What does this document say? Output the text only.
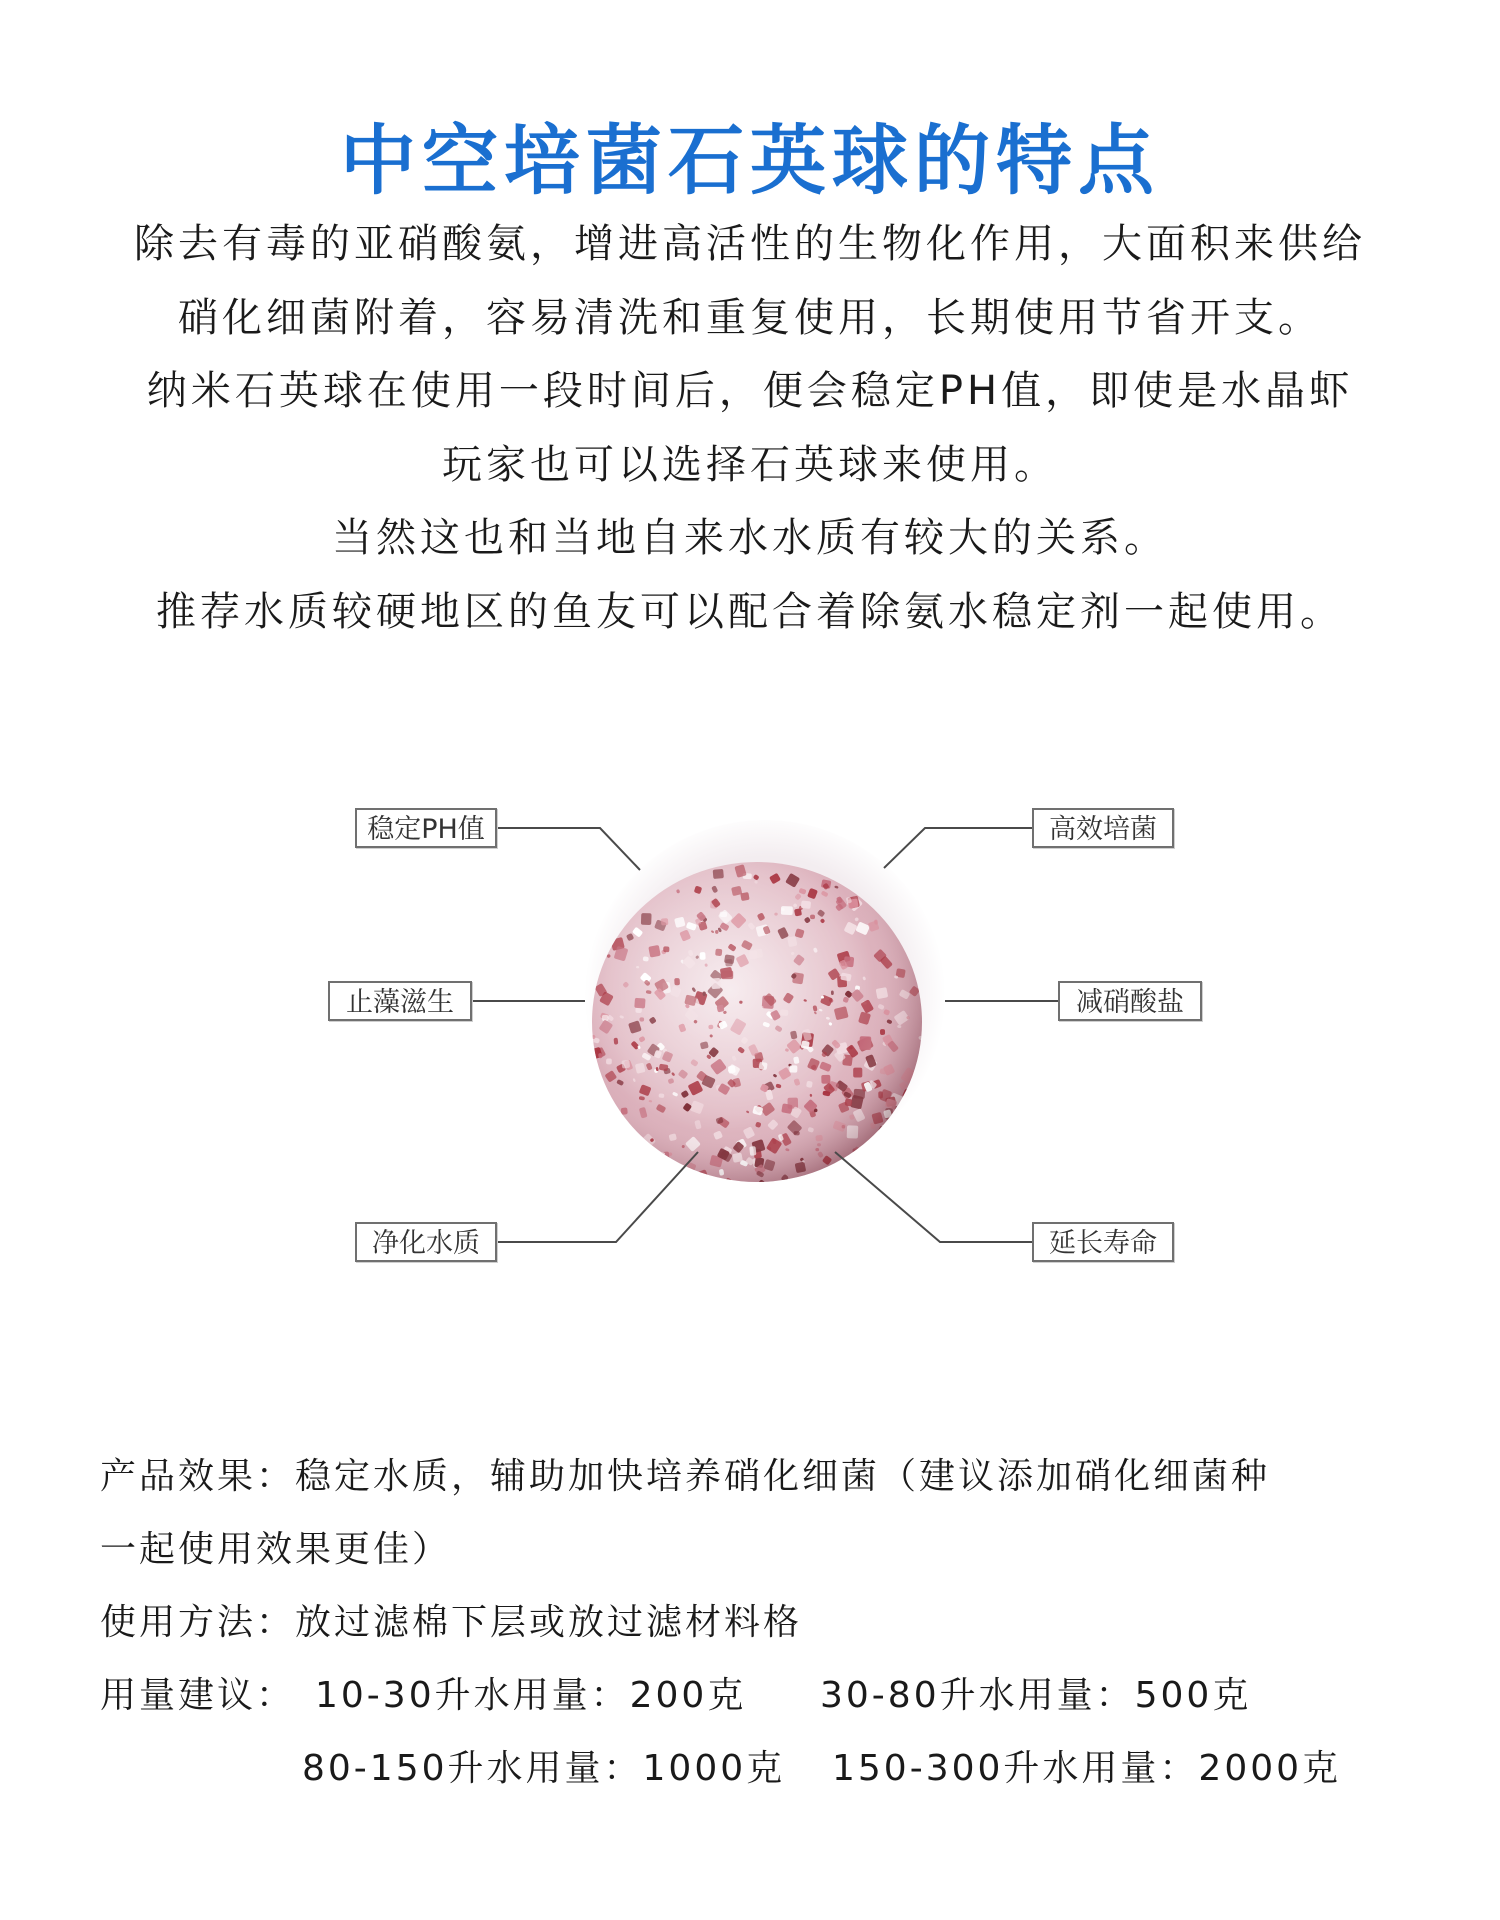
中空培菌石英球的特点
除去有毒的亚硝酸氨，增进高活性的生物化作用，大面积来供给
硝化细菌附着，容易清洗和重复使用，长期使用节省开支。
纳米石英球在使用一段时间后，便会稳定PH值，即使是水晶虾
玩家也可以选择石英球来使用。
当然这也和当地自来水水质有较大的关系。
推荐水质较硬地区的鱼友可以配合着除氨水稳定剂一起使用。
稳定PH值	高效培菌
止藻滋生	减硝酸盐
净化水质	延长寿命
产品效果：稳定水质，辅助加快培养硝化细菌（建议添加硝化细菌种
一起使用效果更佳）
使用方法：放过滤棉下层或放过滤材料格
用量建议： 10-30升水用量：200克 30-80升水用量：500克
80-150升水用量：1000克 150-300升水用量：2000克
